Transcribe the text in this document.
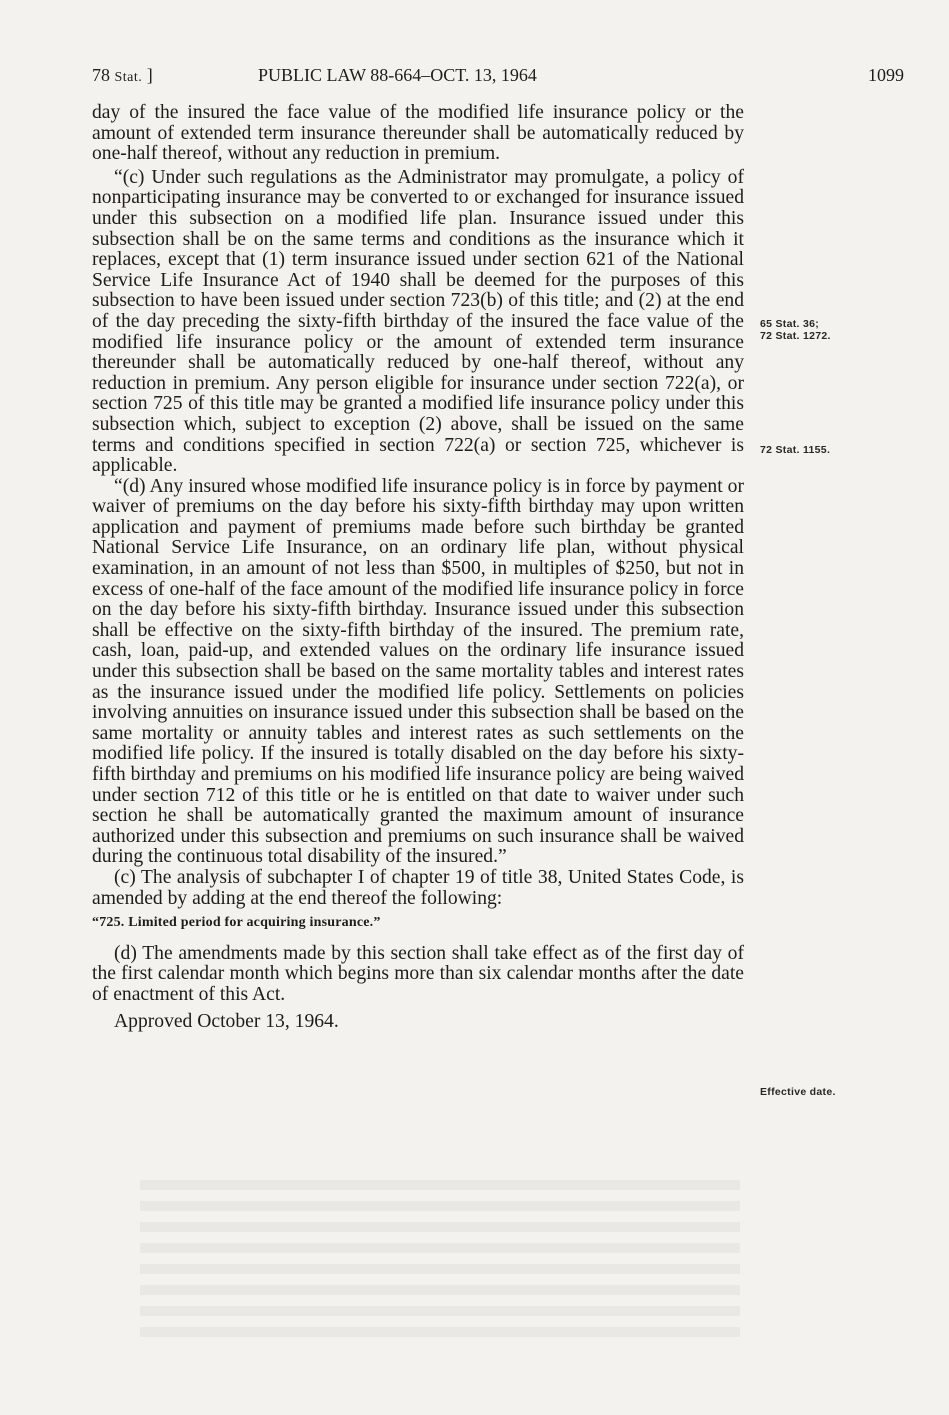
78 Stat. ]	PUBLIC LAW 88-664–OCT. 13, 1964	1099

day of the insured the face value of the modified life insurance policy or the amount of extended term insurance thereunder shall be automatically reduced by one-half thereof, without any reduction in premium.

“(c) Under such regulations as the Administrator may promulgate, a policy of nonparticipating insurance may be converted to or exchanged for insurance issued under this subsection on a modified life plan. Insurance issued under this subsection shall be on the same terms and conditions as the insurance which it replaces, except that (1) term insurance issued under section 621 of the National Service Life Insurance Act of 1940 shall be deemed for the purposes of this subsection to have been issued under section 723(b) of this title; and (2) at the end of the day preceding the sixty-fifth birthday of the insured the face value of the modified life insurance policy or the amount of extended term insurance thereunder shall be automatically reduced by one-half thereof, without any reduction in premium. Any person eligible for insurance under section 722(a), or section 725 of this title may be granted a modified life insurance policy under this subsection which, subject to exception (2) above, shall be issued on the same terms and conditions specified in section 722(a) or section 725, whichever is applicable.

“(d) Any insured whose modified life insurance policy is in force by payment or waiver of premiums on the day before his sixty-fifth birthday may upon written application and payment of premiums made before such birthday be granted National Service Life Insurance, on an ordinary life plan, without physical examination, in an amount of not less than $500, in multiples of $250, but not in excess of one-half of the face amount of the modified life insurance policy in force on the day before his sixty-fifth birthday. Insurance issued under this subsection shall be effective on the sixty-fifth birthday of the insured. The premium rate, cash, loan, paid-up, and extended values on the ordinary life insurance issued under this subsection shall be based on the same mortality tables and interest rates as the insurance issued under the modified life policy. Settlements on policies involving annuities on insurance issued under this subsection shall be based on the same mortality or annuity tables and interest rates as such settlements on the modified life policy. If the insured is totally disabled on the day before his sixty-fifth birthday and premiums on his modified life insurance policy are being waived under section 712 of this title or he is entitled on that date to waiver under such section he shall be automatically granted the maximum amount of insurance authorized under this subsection and premiums on such insurance shall be waived during the continuous total disability of the insured.”

(c) The analysis of subchapter I of chapter 19 of title 38, United States Code, is amended by adding at the end thereof the following:

“725. Limited period for acquiring insurance.”

(d) The amendments made by this section shall take effect as of the first day of the first calendar month which begins more than six calendar months after the date of enactment of this Act.

Approved October 13, 1964.

65 Stat. 36;
72 Stat. 1272.
72 Stat. 1155.
Effective date.
